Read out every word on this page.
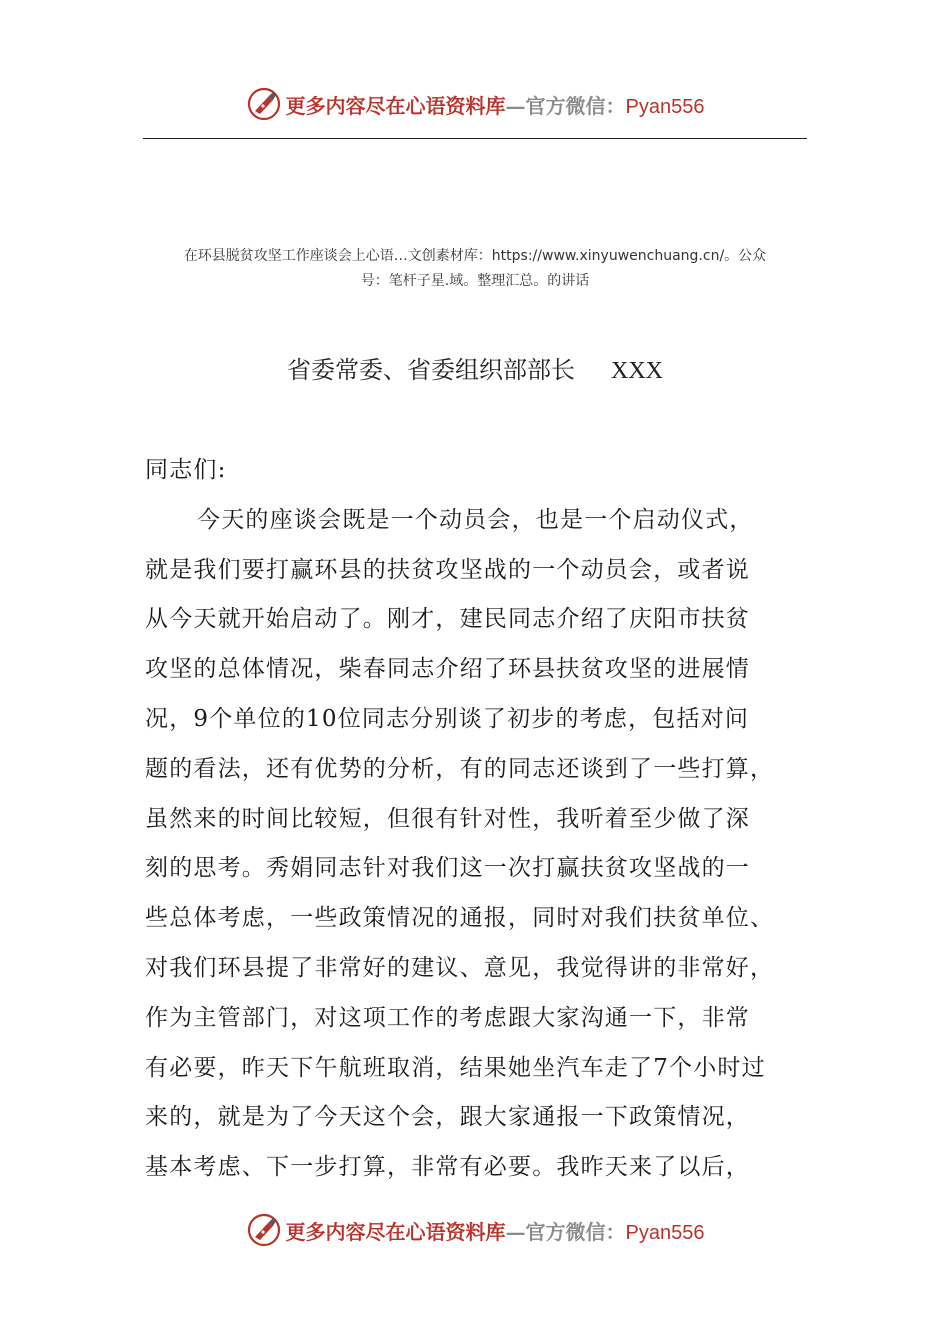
更多内容尽在心语资料库—官方微信：Pyan556
在环县脱贫攻坚工作座谈会上心语…文创素材库：https://www.xinyuwenchuang.cn/。公众
号：笔杆子星.域。整理汇总。的讲话
省委常委、省委组织部部长 XXX
同志们:
今天的座谈会既是一个动员会，也是一个启动仪式，
就是我们要打赢环县的扶贫攻坚战的一个动员会，或者说
从今天就开始启动了。刚才，建民同志介绍了庆阳市扶贫
攻坚的总体情况，柴春同志介绍了环县扶贫攻坚的进展情
况，9个单位的10位同志分别谈了初步的考虑，包括对问
题的看法，还有优势的分析，有的同志还谈到了一些打算，
虽然来的时间比较短，但很有针对性，我听着至少做了深
刻的思考。秀娟同志针对我们这一次打赢扶贫攻坚战的一
些总体考虑，一些政策情况的通报，同时对我们扶贫单位、
对我们环县提了非常好的建议、意见，我觉得讲的非常好，
作为主管部门，对这项工作的考虑跟大家沟通一下，非常
有必要，昨天下午航班取消，结果她坐汽车走了7个小时过
来的，就是为了今天这个会，跟大家通报一下政策情况，
基本考虑、下一步打算，非常有必要。我昨天来了以后，
更多内容尽在心语资料库—官方微信：Pyan556
